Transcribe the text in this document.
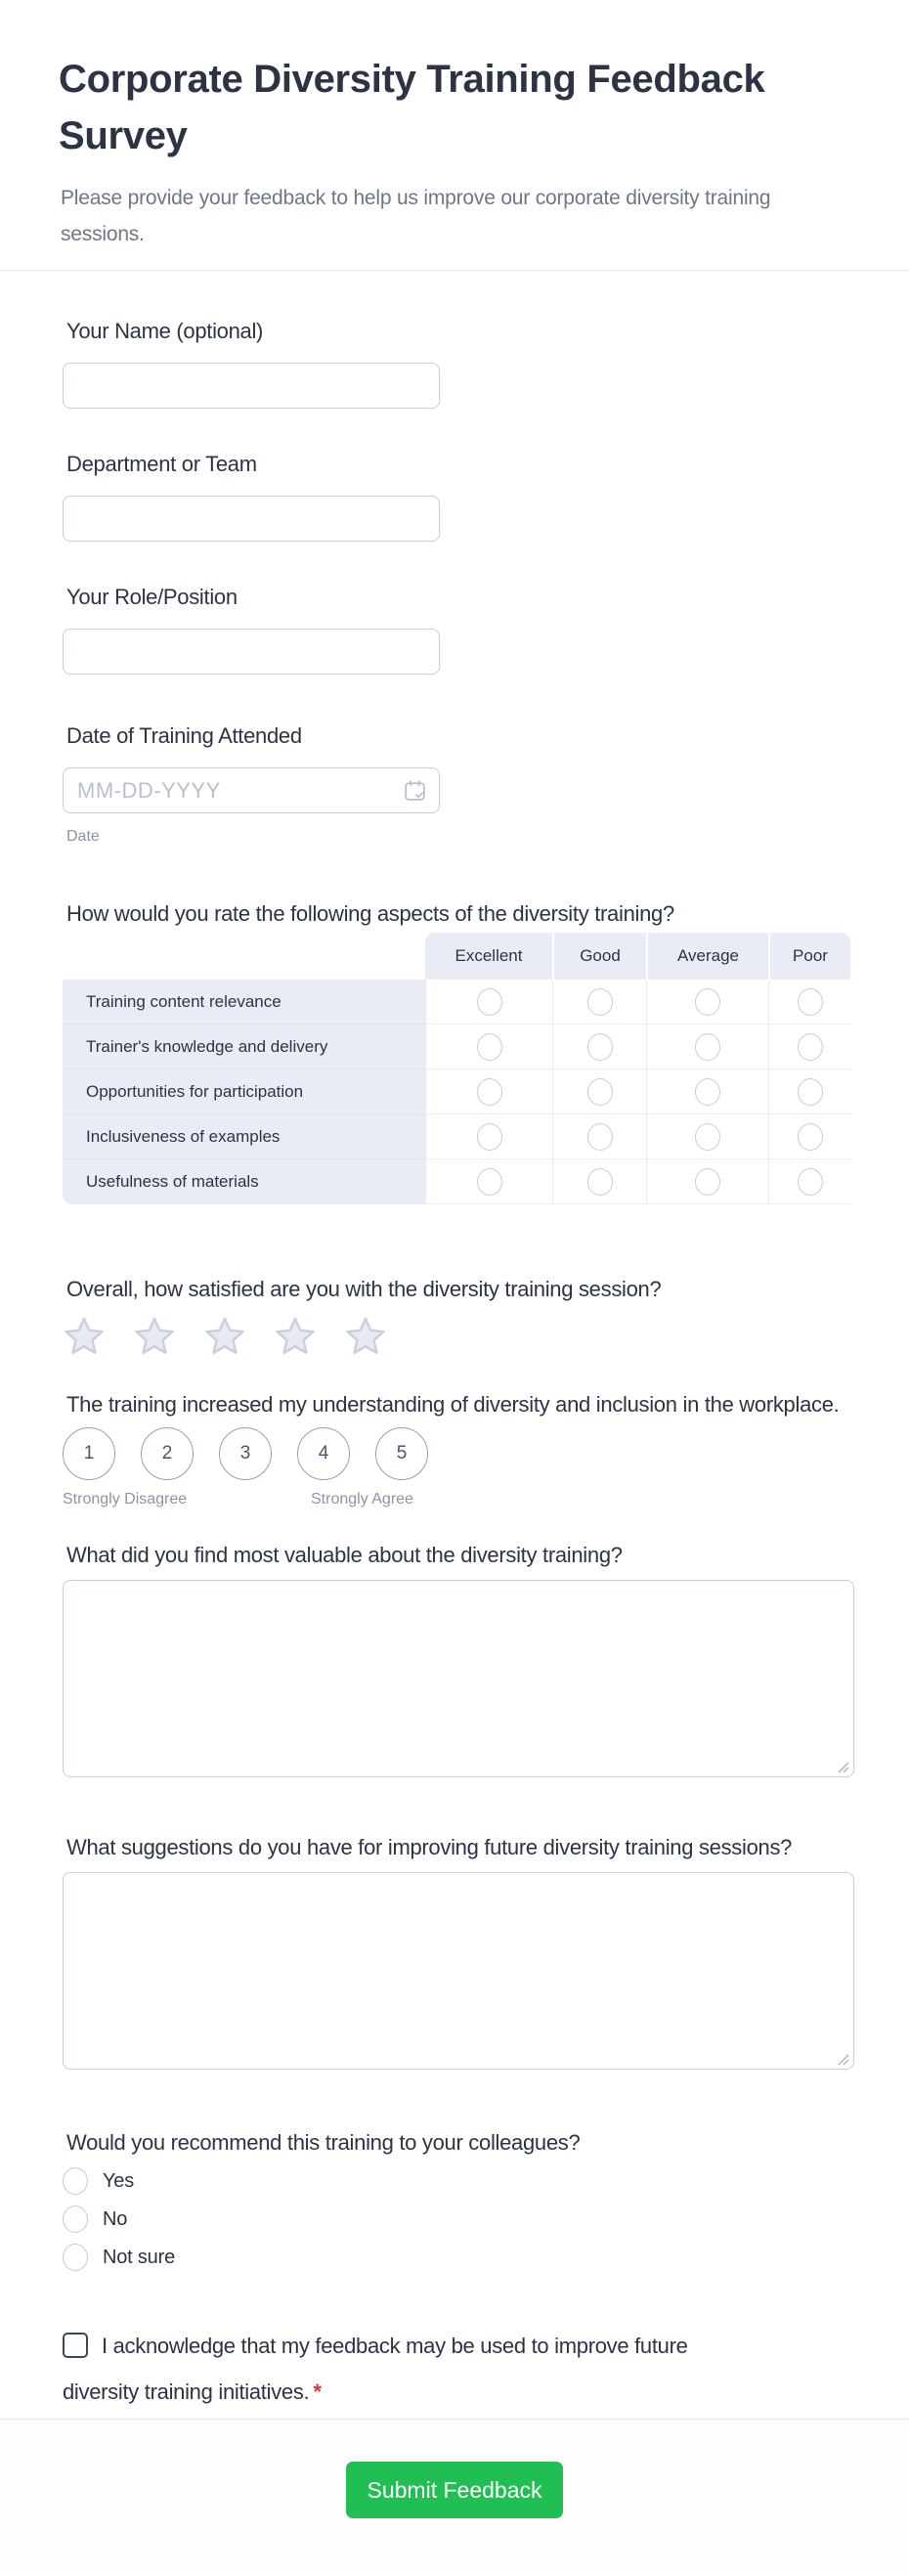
Corporate Diversity Training Feedback Survey

Please provide your feedback to help us improve our corporate diversity training sessions.

Your Name (optional)
Department or Team
Your Role/Position
Date of Training Attended
MM-DD-YYYY
Date

How would you rate the following aspects of the diversity training?

Excellent	Good	Average	Poor
Training content relevance
Trainer's knowledge and delivery
Opportunities for participation
Inclusiveness of examples
Usefulness of materials

Overall, how satisfied are you with the diversity training session?

The training increased my understanding of diversity and inclusion in the workplace.

1	2	3	4	5
Strongly Disagree	Strongly Agree

What did you find most valuable about the diversity training?

What suggestions do you have for improving future diversity training sessions?

Would you recommend this training to your colleagues?

Yes
No
Not sure
I acknowledge that my feedback may be used to improve future diversity training initiatives. *
Submit Feedback
